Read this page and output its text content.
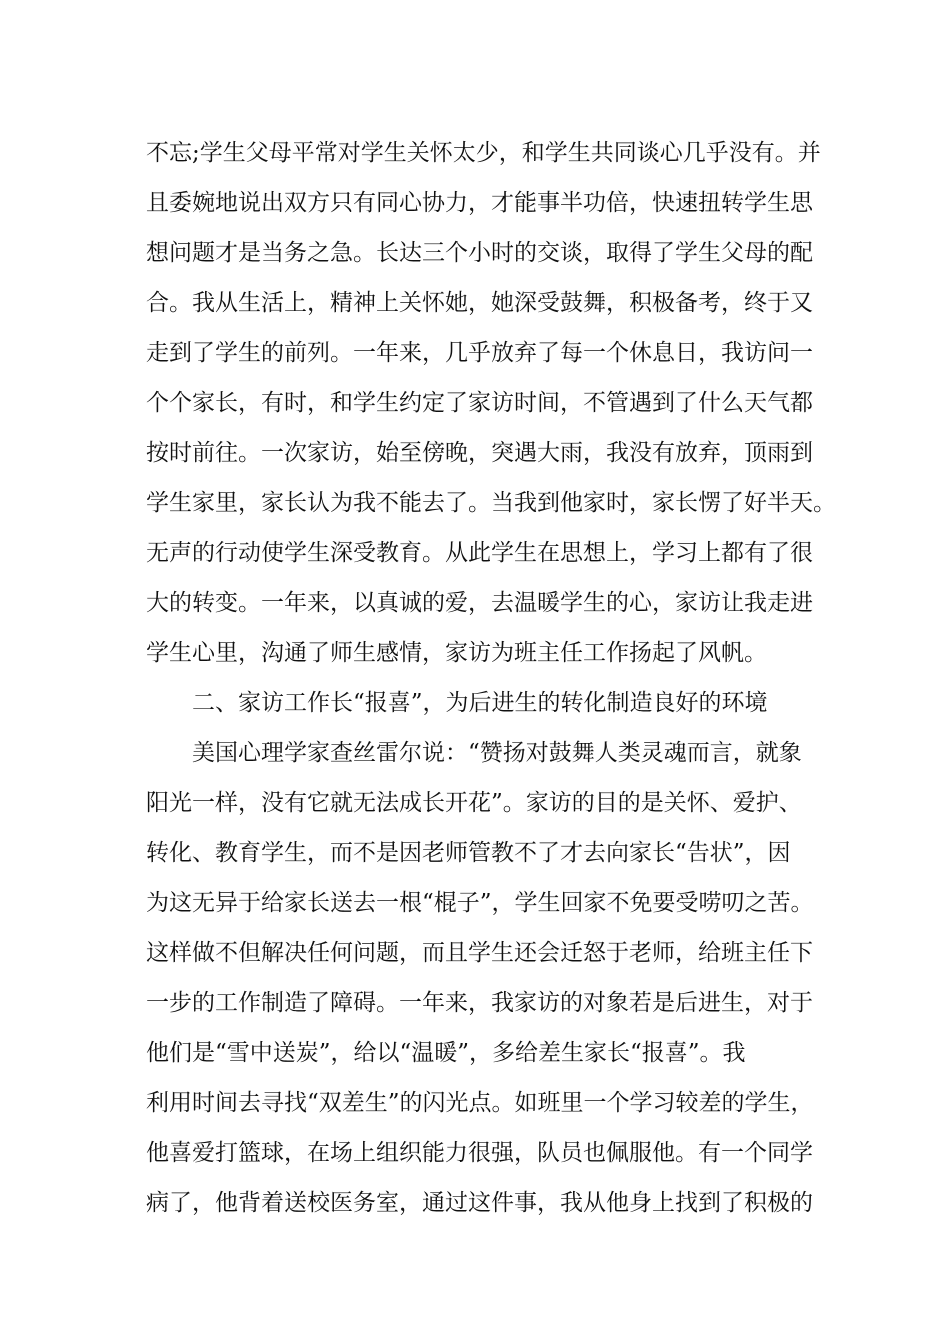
不忘;学生父母平常对学生关怀太少，和学生共同谈心几乎没有。并
且委婉地说出双方只有同心协力，才能事半功倍，快速扭转学生思
想问题才是当务之急。长达三个小时的交谈，取得了学生父母的配
合。我从生活上，精神上关怀她，她深受鼓舞，积极备考，终于又
走到了学生的前列。一年来，几乎放弃了每一个休息日，我访问一
个个家长，有时，和学生约定了家访时间，不管遇到了什么天气都
按时前往。一次家访，始至傍晚，突遇大雨，我没有放弃，顶雨到
学生家里，家长认为我不能去了。当我到他家时，家长愣了好半天。
无声的行动使学生深受教育。从此学生在思想上，学习上都有了很
大的转变。一年来，以真诚的爱，去温暖学生的心，家访让我走进
学生心里，沟通了师生感情，家访为班主任工作扬起了风帆。
二、家访工作长“报喜”，为后进生的转化制造良好的环境
美国心理学家查丝雷尔说：“赞扬对鼓舞人类灵魂而言，就象
阳光一样，没有它就无法成长开花”。家访的目的是关怀、爱护、
转化、教育学生，而不是因老师管教不了才去向家长“告状”，因
为这无异于给家长送去一根“棍子”，学生回家不免要受唠叨之苦。
这样做不但解决任何问题，而且学生还会迁怒于老师，给班主任下
一步的工作制造了障碍。一年来，我家访的对象若是后进生，对于
他们是“雪中送炭”，给以“温暖”，多给差生家长“报喜”。我
利用时间去寻找“双差生”的闪光点。如班里一个学习较差的学生，
他喜爱打篮球，在场上组织能力很强，队员也佩服他。有一个同学
病了，他背着送校医务室，通过这件事，我从他身上找到了积极的
